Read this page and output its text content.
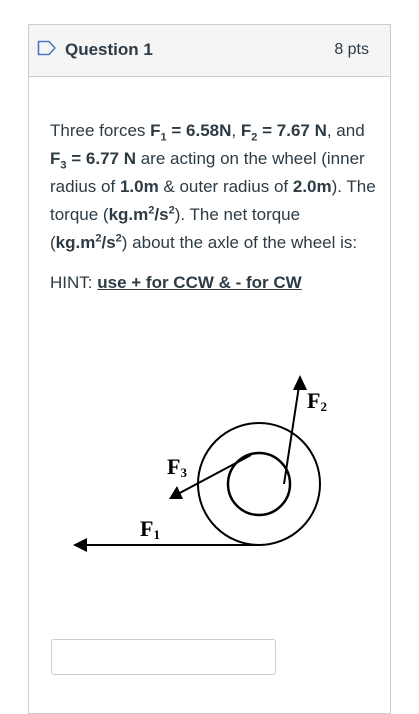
Question 1	8 pts

Three forces $F_1 = 6.58N$, $F_2 = 7.67$ N, and $F_3 = 6.77$ N are acting on the wheel (inner radius of 1.0m & outer radius of 2.0m). The torque $(kg.m^2/s^2)$. The net torque $(kg.m^2/s^2)$ about the axle of the wheel is:

HINT: use + for CCW & - for CW

F1
F2
F3
